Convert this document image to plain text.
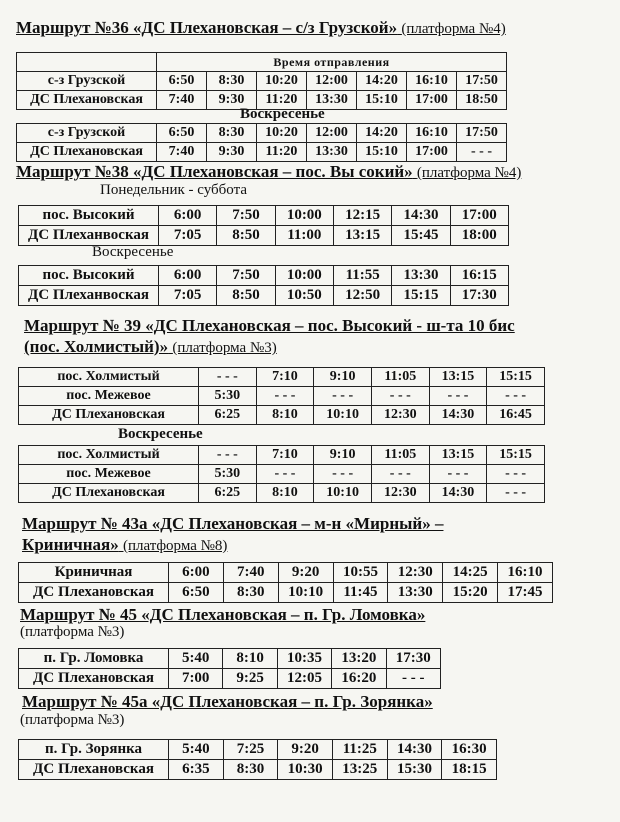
Маршрут №36 «ДС Плехановская – с/з Грузской» (платформа №4)
	Время отправления						
с-з Грузской	6:50	8:30	10:20	12:00	14:20	16:10	17:50
ДС Плехановская	7:40	9:30	11:20	13:30	15:10	17:00	18:50
Воскресенье
с-з Грузской	6:50	8:30	10:20	12:00	14:20	16:10	17:50
ДС Плехановская	7:40	9:30	11:20	13:30	15:10	17:00	- - -
Маршрут №38 «ДС Плехановская – пос. Вы сокий» (платформа №4)
Понедельник - суббота
пос. Высокий	6:00	7:50	10:00	12:15	14:30	17:00
ДС Плеханвоская	7:05	8:50	11:00	13:15	15:45	18:00
Воскресенье
пос. Высокий	6:00	7:50	10:00	11:55	13:30	16:15
ДС Плеханвоская	7:05	8:50	10:50	12:50	15:15	17:30
Маршрут № 39 «ДС Плехановская – пос. Высокий - ш-та 10 бис
(пос. Холмистый)» (платформа №3)
пос. Холмистый	- - -	7:10	9:10	11:05	13:15	15:15
пос. Межевое	5:30	- - -	- - -	- - -	- - -	- - -
ДС Плехановская	6:25	8:10	10:10	12:30	14:30	16:45
Воскресенье
пос. Холмистый	- - -	7:10	9:10	11:05	13:15	15:15
пос. Межевое	5:30	- - -	- - -	- - -	- - -	- - -
ДС Плехановская	6:25	8:10	10:10	12:30	14:30	- - -
Маршрут № 43а «ДС Плехановская – м-н «Мирный» –
Криничная» (платформа №8)
Криничная	6:00	7:40	9:20	10:55	12:30	14:25	16:10
ДС Плехановская	6:50	8:30	10:10	11:45	13:30	15:20	17:45
Маршрут № 45 «ДС Плехановская – п. Гр. Ломовка»
(платформа №3)
п. Гр. Ломовка	5:40	8:10	10:35	13:20	17:30
ДС Плехановская	7:00	9:25	12:05	16:20	- - -
Маршрут № 45а «ДС Плехановская – п. Гр. Зорянка»
(платформа №3)
п. Гр. Зорянка	5:40	7:25	9:20	11:25	14:30	16:30
ДС Плехановская	6:35	8:30	10:30	13:25	15:30	18:15
